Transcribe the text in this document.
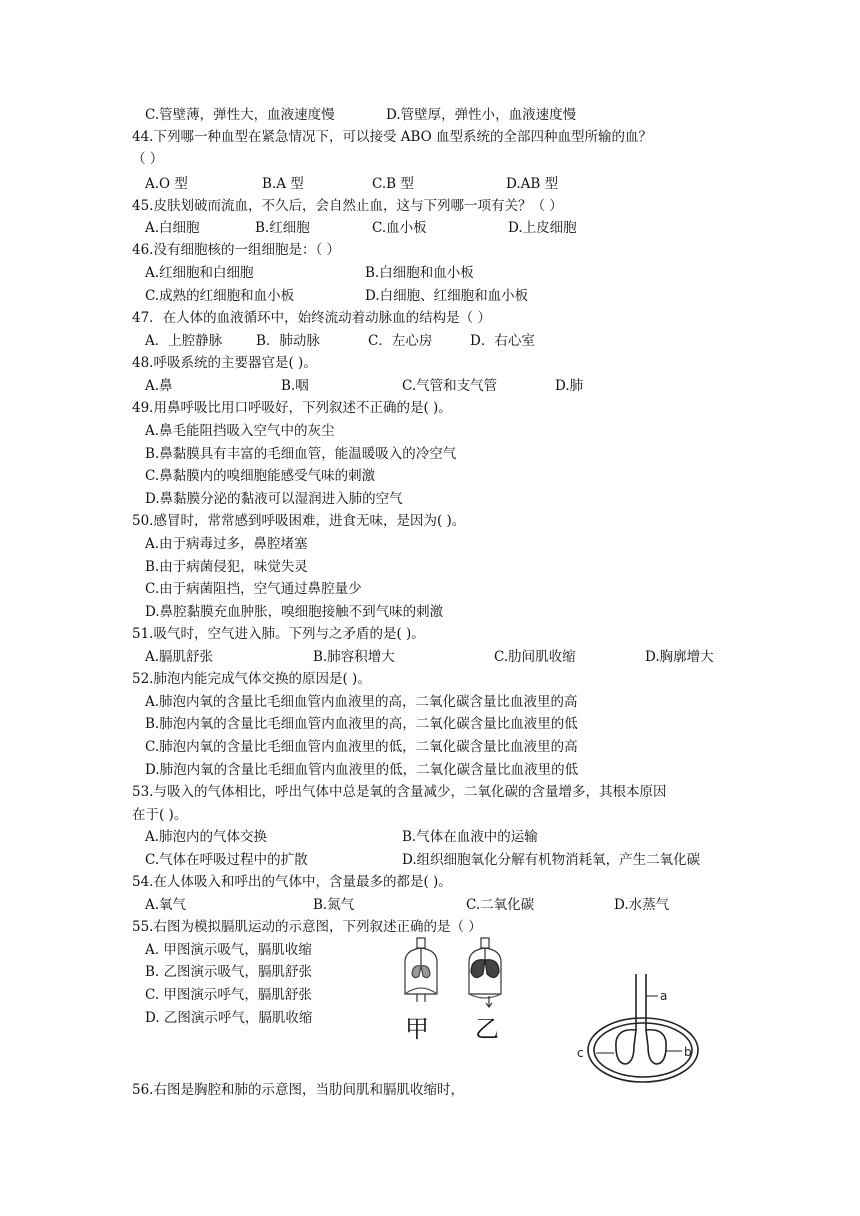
C.管壁薄，弹性大，血液速度慢	D.管壁厚，弹性小，血液速度慢
44.下列哪一种血型在紧急情况下，可以接受 ABO 血型系统的全部四种血型所输的血？
（ ）
A.O 型	B.A 型	C.B 型	D.AB 型
45.皮肤划破而流血，不久后，会自然止血，这与下列哪一项有关？（ ）
A.白细胞	B.红细胞	C.血小板	D.上皮细胞
46.没有细胞核的一组细胞是：（ ）
A.红细胞和白细胞	B.白细胞和血小板
C.成熟的红细胞和血小板	D.白细胞、红细胞和血小板
47．在人体的血液循环中，始终流动着动脉血的结构是（ ）
A．上腔静脉	B．肺动脉	C．左心房	D．右心室
48.呼吸系统的主要器官是( )。
A.鼻	B.咽	C.气管和支气管	D.肺
49.用鼻呼吸比用口呼吸好，下列叙述不正确的是( )。
A.鼻毛能阻挡吸入空气中的灰尘
B.鼻黏膜具有丰富的毛细血管，能温暖吸入的冷空气
C.鼻黏膜内的嗅细胞能感受气味的刺激
D.鼻黏膜分泌的黏液可以湿润进入肺的空气
50.感冒时，常常感到呼吸困难，进食无味，是因为( )。
A.由于病毒过多，鼻腔堵塞
B.由于病菌侵犯，味觉失灵
C.由于病菌阻挡，空气通过鼻腔量少
D.鼻腔黏膜充血肿胀，嗅细胞接触不到气味的刺激
51.吸气时，空气进入肺。下列与之矛盾的是( )。
A.膈肌舒张	B.肺容积增大	C.肋间肌收缩	D.胸廓增大
52.肺泡内能完成气体交换的原因是( )。
A.肺泡内氧的含量比毛细血管内血液里的高，二氧化碳含量比血液里的高
B.肺泡内氧的含量比毛细血管内血液里的高，二氧化碳含量比血液里的低
C.肺泡内氧的含量比毛细血管内血液里的低，二氧化碳含量比血液里的高
D.肺泡内氧的含量比毛细血管内血液里的低，二氧化碳含量比血液里的低
53.与吸入的气体相比，呼出气体中总是氧的含量减少，二氧化碳的含量增多，其根本原因
在于( )。
A.肺泡内的气体交换	B.气体在血液中的运输
C.气体在呼吸过程中的扩散	D.组织细胞氧化分解有机物消耗氧，产生二氧化碳
54.在人体吸入和呼出的气体中，含量最多的都是( )。
A.氧气	B.氮气	C.二氧化碳	D.水蒸气
55.右图为模拟膈肌运动的示意图，下列叙述正确的是（ ）
A. 甲图演示吸气，膈肌收缩
B. 乙图演示吸气，膈肌舒张
C. 甲图演示呼气，膈肌舒张
D. 乙图演示呼气，膈肌收缩	甲 乙
a
c	b
56.右图是胸腔和肺的示意图，当肋间肌和膈肌收缩时，
